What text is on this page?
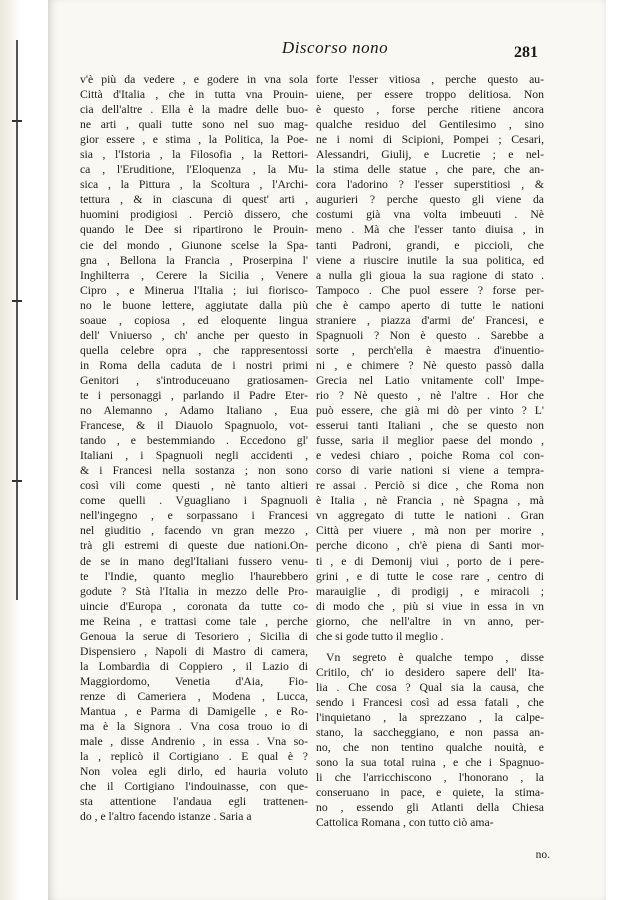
Discorso nono	281

v'è più da vedere , e godere in vna sola

Città d'Italia , che in tutta vna Prouin-

cia dell'altre . Ella è la madre delle buo-

ne arti , quali tutte sono nel suo mag-

gior essere , e stima , la Politica, la Poe-

sia , l'Istoria , la Filosofia , la Rettori-

ca , l'Eruditione, l'Eloquenza , la Mu-

sica , la Pittura , la Scoltura , l'Archi-

tettura , & in ciascuna di quest' arti ,

huomini prodigiosi . Perciò dissero, che

quando le Dee si ripartirono le Prouin-

cie del mondo , Giunone scelse la Spa-

gna , Bellona la Francia , Proserpina l'

Inghilterra , Cerere la Sicilia , Venere

Cipro , e Minerua l'Italia ; iui fiorisco-

no le buone lettere, aggiutate dalla più

soaue , copiosa , ed eloquente lingua

dell' Vniuerso , ch' anche per questo in

quella celebre opra , che rappresentossi

in Roma della caduta de i nostri primi

Genitori , s'introduceuano gratiosamen-

te i personaggi , parlando il Padre Eter-

no Alemanno , Adamo Italiano , Eua

Francese, & il Diauolo Spagnuolo, vot-

tando , e bestemmiando . Eccedono gl'

Italiani , i Spagnuoli negli accidenti ,

& i Francesi nella sostanza ; non sono

così vili come questi , nè tanto altieri

come quelli . Vguagliano i Spagnuoli

nell'ingegno , e sorpassano i Francesi

nel giuditio , facendo vn gran mezzo ,

trà gli estremi di queste due nationi.On-

de se in mano degl'Italiani fussero venu-

te l'Indie, quanto meglio l'haurebbero

godute ? Stà l'Italia in mezzo delle Pro-

uincie d'Europa , coronata da tutte co-

me Reina , e trattasi come tale , perche

Genoua la serue di Tesoriero , Sicilia di

Dispensiero , Napoli di Mastro di camera,

la Lombardia di Coppiero , il Lazio di

Maggiordomo, Venetia d'Aia, Fio-

renze di Cameriera , Modena , Lucca,

Mantua , e Parma di Damigelle , e Ro-

ma è la Signora . Vna cosa trouo io di

male , disse Andrenio , in essa . Vna so-

la , replicò il Cortigiano . E qual è ?

Non volea egli dirlo, ed hauria voluto

che il Cortigiano l'indouinasse, con que-

sta attentione l'andaua egli trattenen-

do , e l'altro facendo istanze . Saria a

forte l'esser vitiosa , perche questo au-

uiene, per essere troppo delitiosa. Non

è questo , forse perche ritiene ancora

qualche residuo del Gentilesimo , sino

ne i nomi di Scipioni, Pompei ; Cesari,

Alessandri, Giulij, e Lucretie ; e nel-

la stima delle statue , che pare, che an-

cora l'adorino ? l'esser superstitiosi , &

augurieri ? perche questo gli viene da

costumi già vna volta imbeuuti . Nè

meno . Mà che l'esser tanto diuisa , in

tanti Padroni, grandi, e piccioli, che

viene a riuscire inutile la sua politica, ed

a nulla gli gioua la sua ragione di stato .

Tampoco . Che puol essere ? forse per-

che è campo aperto di tutte le nationi

straniere , piazza d'armi de' Francesi, e

Spagnuoli ? Non è questo . Sarebbe a

sorte , perch'ella è maestra d'inuentio-

ni , e chimere ? Nè questo passò dalla

Grecia nel Latio vnitamente coll' Impe-

rio ? Nè questo , nè l'altre . Hor che

può essere, che già mi dò per vinto ? L'

esserui tanti Italiani , che se questo non

fusse, saria il meglior paese del mondo ,

e vedesi chiaro , poiche Roma col con-

corso di varie nationi si viene a tempra-

re assai . Perciò si dice , che Roma non

è Italia , nè Francia , nè Spagna , mà

vn aggregato di tutte le nationi . Gran

Città per viuere , mà non per morire ,

perche dicono , ch'è piena di Santi mor-

ti , e di Demonij viui , porto de i pere-

grini , e di tutte le cose rare , centro di

marauiglie , di prodigij , e miracoli ;

di modo che , più si viue in essa in vn

giorno, che nell'altre in vn anno, per-

che si gode tutto il meglio .

Vn segreto è qualche tempo , disse

Critilo, ch' io desidero sapere dell' Ita-

lia . Che cosa ? Qual sia la causa, che

sendo i Francesi così ad essa fatali , che

l'inquietano , la sprezzano , la calpe-

stano, la saccheggiano, e non passa an-

no, che non tentino qualche nouità, e

sono la sua total ruina , e che i Spagnuo-

li che l'arricchiscono , l'honorano , la

conseruano in pace, e quiete, la stima-

no , essendo gli Atlanti della Chiesa

Cattolica Romana , con tutto ciò ama-

no.
